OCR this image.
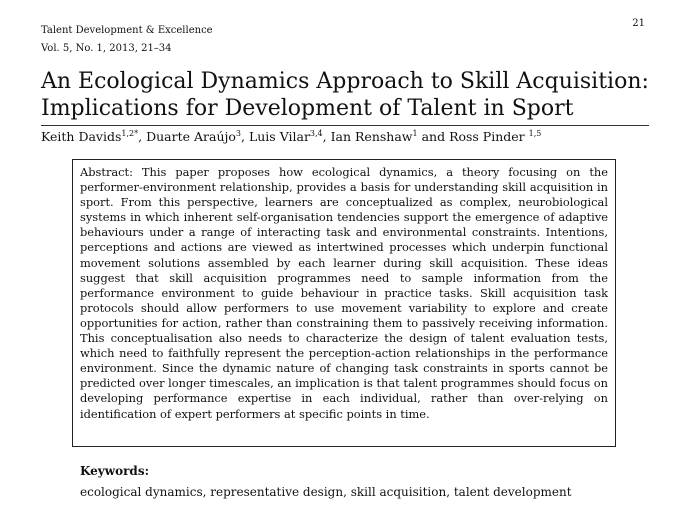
Talent Development & Excellence
Vol. 5, No. 1, 2013, 21–34
21
An Ecological Dynamics Approach to Skill Acquisition:
Implications for Development of Talent in Sport
Keith Davids$^{1,2*}$, Duarte Araújo$^3$, Luis Vilar$^{3,4}$, Ian Renshaw$^1$ and Ross Pinder $^{1,5}$

Abstract: This paper proposes how ecological dynamics, a theory focusing on the performer-environment relationship, provides a basis for understanding skill acquisition in sport. From this perspective, learners are conceptualized as complex, neurobiological systems in which inherent self-organisation tendencies support the emergence of adaptive behaviours under a range of interacting task and environmental constraints. Intentions, perceptions and actions are viewed as intertwined processes which underpin functional movement solutions assembled by each learner during skill acquisition. These ideas suggest that skill acquisition programmes need to sample information from the performance environment to guide behaviour in practice tasks. Skill acquisition task protocols should allow performers to use movement variability to explore and create opportunities for action, rather than constraining them to passively receiving information. This conceptualisation also needs to characterize the design of talent evaluation tests, which need to faithfully represent the perception-action relationships in the performance environment. Since the dynamic nature of changing task constraints in sports cannot be predicted over longer timescales, an implication is that talent programmes should focus on developing performance expertise in each individual, rather than over-relying on identification of expert performers at specific points in time.

Keywords:
ecological dynamics, representative design, skill acquisition, talent development
